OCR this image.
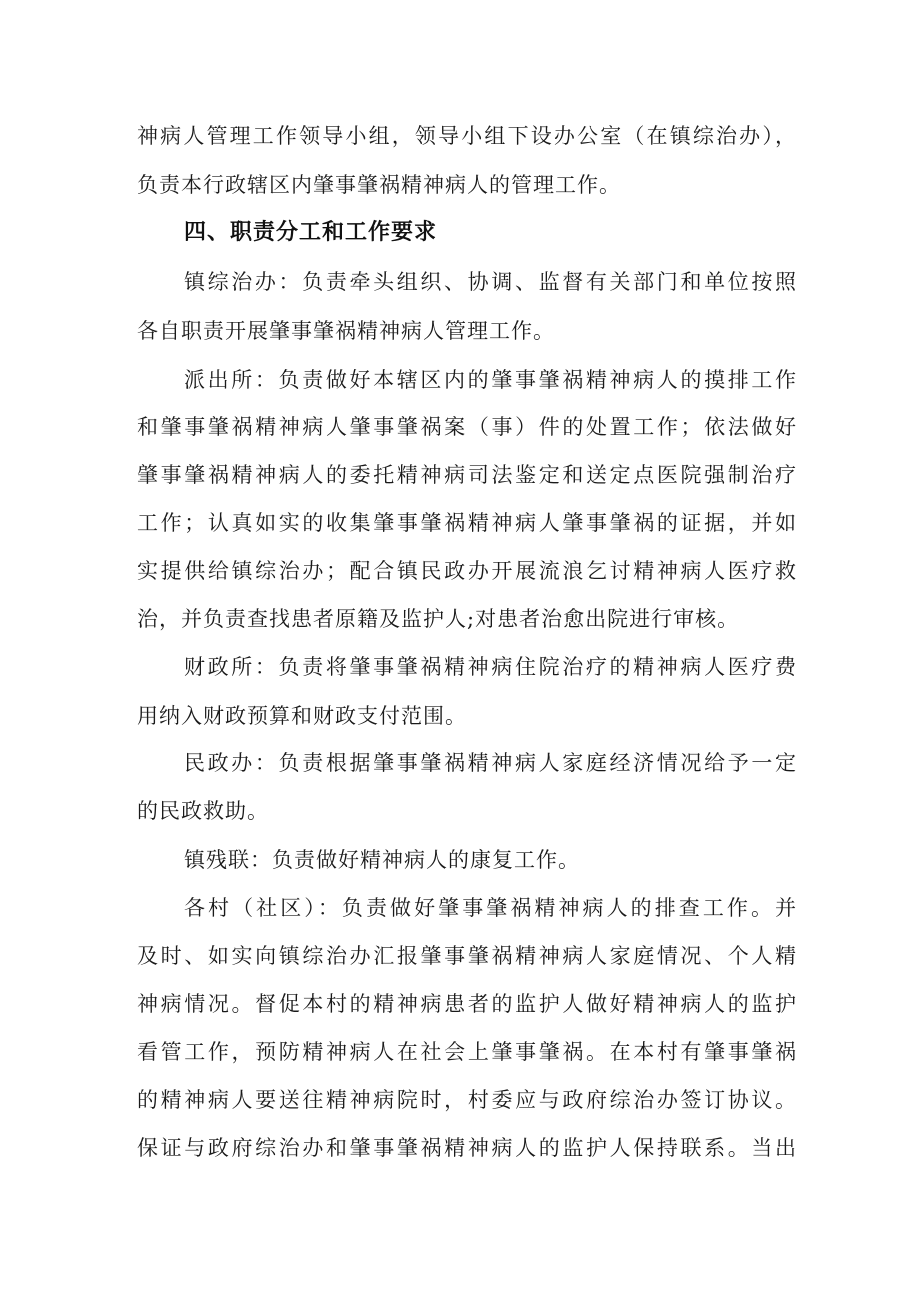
神病人管理工作领导小组，领导小组下设办公室（在镇综治办），
负责本行政辖区内肇事肇祸精神病人的管理工作。
四、职责分工和工作要求
镇综治办：负责牵头组织、协调、监督有关部门和单位按照
各自职责开展肇事肇祸精神病人管理工作。
派出所：负责做好本辖区内的肇事肇祸精神病人的摸排工作
和肇事肇祸精神病人肇事肇祸案（事）件的处置工作；依法做好
肇事肇祸精神病人的委托精神病司法鉴定和送定点医院强制治疗
工作；认真如实的收集肇事肇祸精神病人肇事肇祸的证据，并如
实提供给镇综治办；配合镇民政办开展流浪乞讨精神病人医疗救
治，并负责查找患者原籍及监护人;对患者治愈出院进行审核。
财政所：负责将肇事肇祸精神病住院治疗的精神病人医疗费
用纳入财政预算和财政支付范围。
民政办：负责根据肇事肇祸精神病人家庭经济情况给予一定
的民政救助。
镇残联：负责做好精神病人的康复工作。
各村（社区）：负责做好肇事肇祸精神病人的排查工作。并
及时、如实向镇综治办汇报肇事肇祸精神病人家庭情况、个人精
神病情况。督促本村的精神病患者的监护人做好精神病人的监护
看管工作，预防精神病人在社会上肇事肇祸。在本村有肇事肇祸
的精神病人要送往精神病院时，村委应与政府综治办签订协议。
保证与政府综治办和肇事肇祸精神病人的监护人保持联系。当出
